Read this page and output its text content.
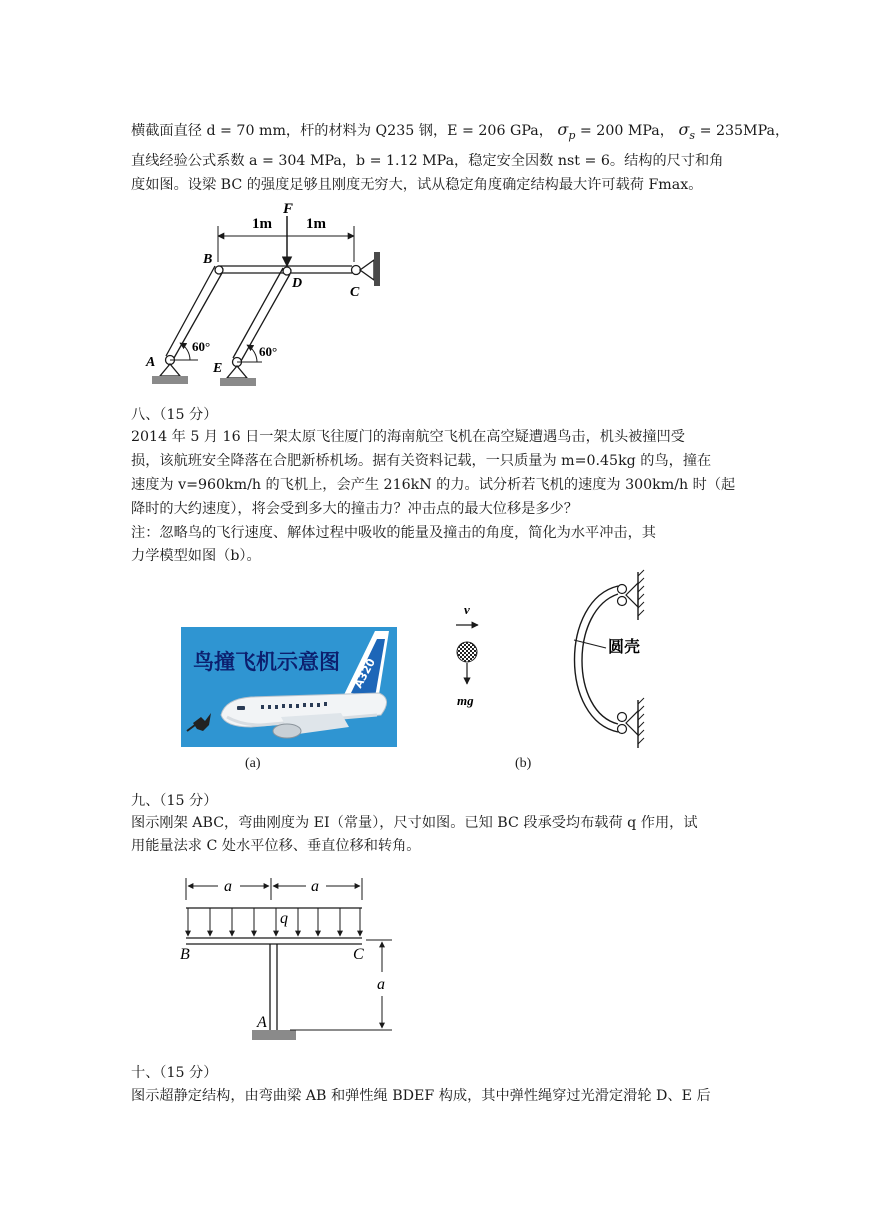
横截面直径 d = 70 mm，杆的材料为 Q235 钢，E = 206 GPa， $\sigma_p = 200$ MPa， $\sigma_s = 235MPa$，
直线经验公式系数 a = 304 MPa，b = 1.12 MPa，稳定安全因数 nst = 6。结构的尺寸和角
度如图。设梁 BC 的强度足够且刚度无穷大，试从稳定角度确定结构最大许可载荷 Fmax。
1m 1m
F
B
D
C
A	E
60°	60°
八、（15 分）
2014 年 5 月 16 日一架太原飞往厦门的海南航空飞机在高空疑遭遇鸟击，机头被撞凹受
损，该航班安全降落在合肥新桥机场。据有关资料记载，一只质量为 m=0.45kg 的鸟，撞在
速度为 v=960km/h 的飞机上，会产生 216kN 的力。试分析若飞机的速度为 300km/h 时（起
降时的大约速度），将会受到多大的撞击力？冲击点的最大位移是多少？
注：忽略鸟的飞行速度、解体过程中吸收的能量及撞击的角度，简化为水平冲击，其
力学模型如图（b）。
鸟撞飞机示意图 A320
v
mg
圆壳
(a)	(b)
九、（15 分）
图示刚架 ABC，弯曲刚度为 EI（常量），尺寸如图。已知 BC 段承受均布载荷 q 作用，试
用能量法求 C 处水平位移、垂直位移和转角。
a	a
q
a
B	C
A
十、（15 分）
图示超静定结构，由弯曲梁 AB 和弹性绳 BDEF 构成，其中弹性绳穿过光滑定滑轮 D、E 后
